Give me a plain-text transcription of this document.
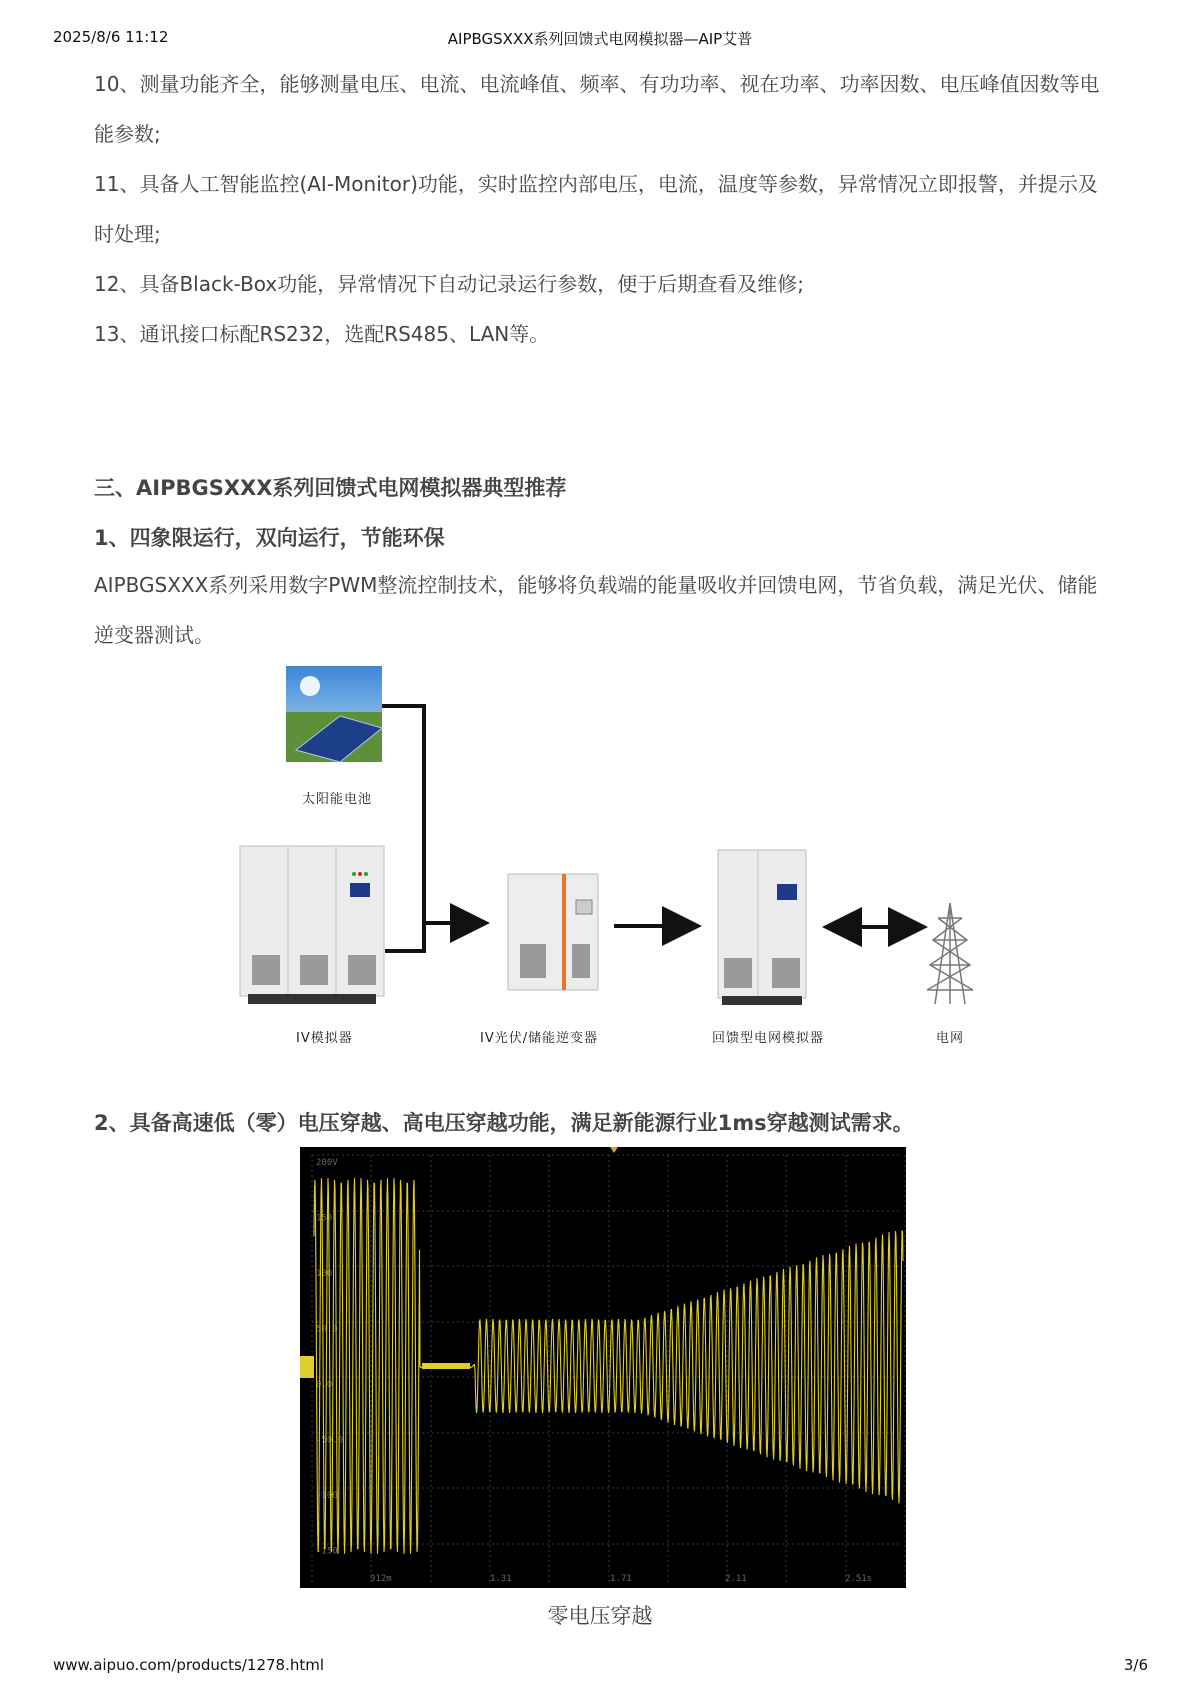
2025/8/6 11:12	AIPBGSXXX系列回馈式电网模拟器—AIP艾普

10、测量功能齐全，能够测量电压、电流、电流峰值、频率、有功功率、视在功率、功率因数、电压峰值因数等电能参数;

11、具备人工智能监控(AI-Monitor)功能，实时监控内部电压，电流，温度等参数，异常情况立即报警，并提示及时处理;

12、具备Black-Box功能，异常情况下自动记录运行参数，便于后期查看及维修;

13、通讯接口标配RS232，选配RS485、LAN等。

三、AIPBGSXXX系列回馈式电网模拟器典型推荐
1、四象限运行，双向运行，节能环保

AIPBGSXXX系列采用数字PWM整流控制技术，能够将负载端的能量吸收并回馈电网，节省负载，满足光伏、储能逆变器测试。

太阳能电池
IV模拟器	IV光伏/储能逆变器	回馈型电网模拟器	电网
2、具备高速低（零）电压穿越、高电压穿越功能，满足新能源行业1ms穿越测试需求。
200V
150
100
50.0
0.0
-50.0
-100
-150
912m	1.31	1.71	2.11	2.51s
零电压穿越
www.aipuo.com/products/1278.html	3/6
